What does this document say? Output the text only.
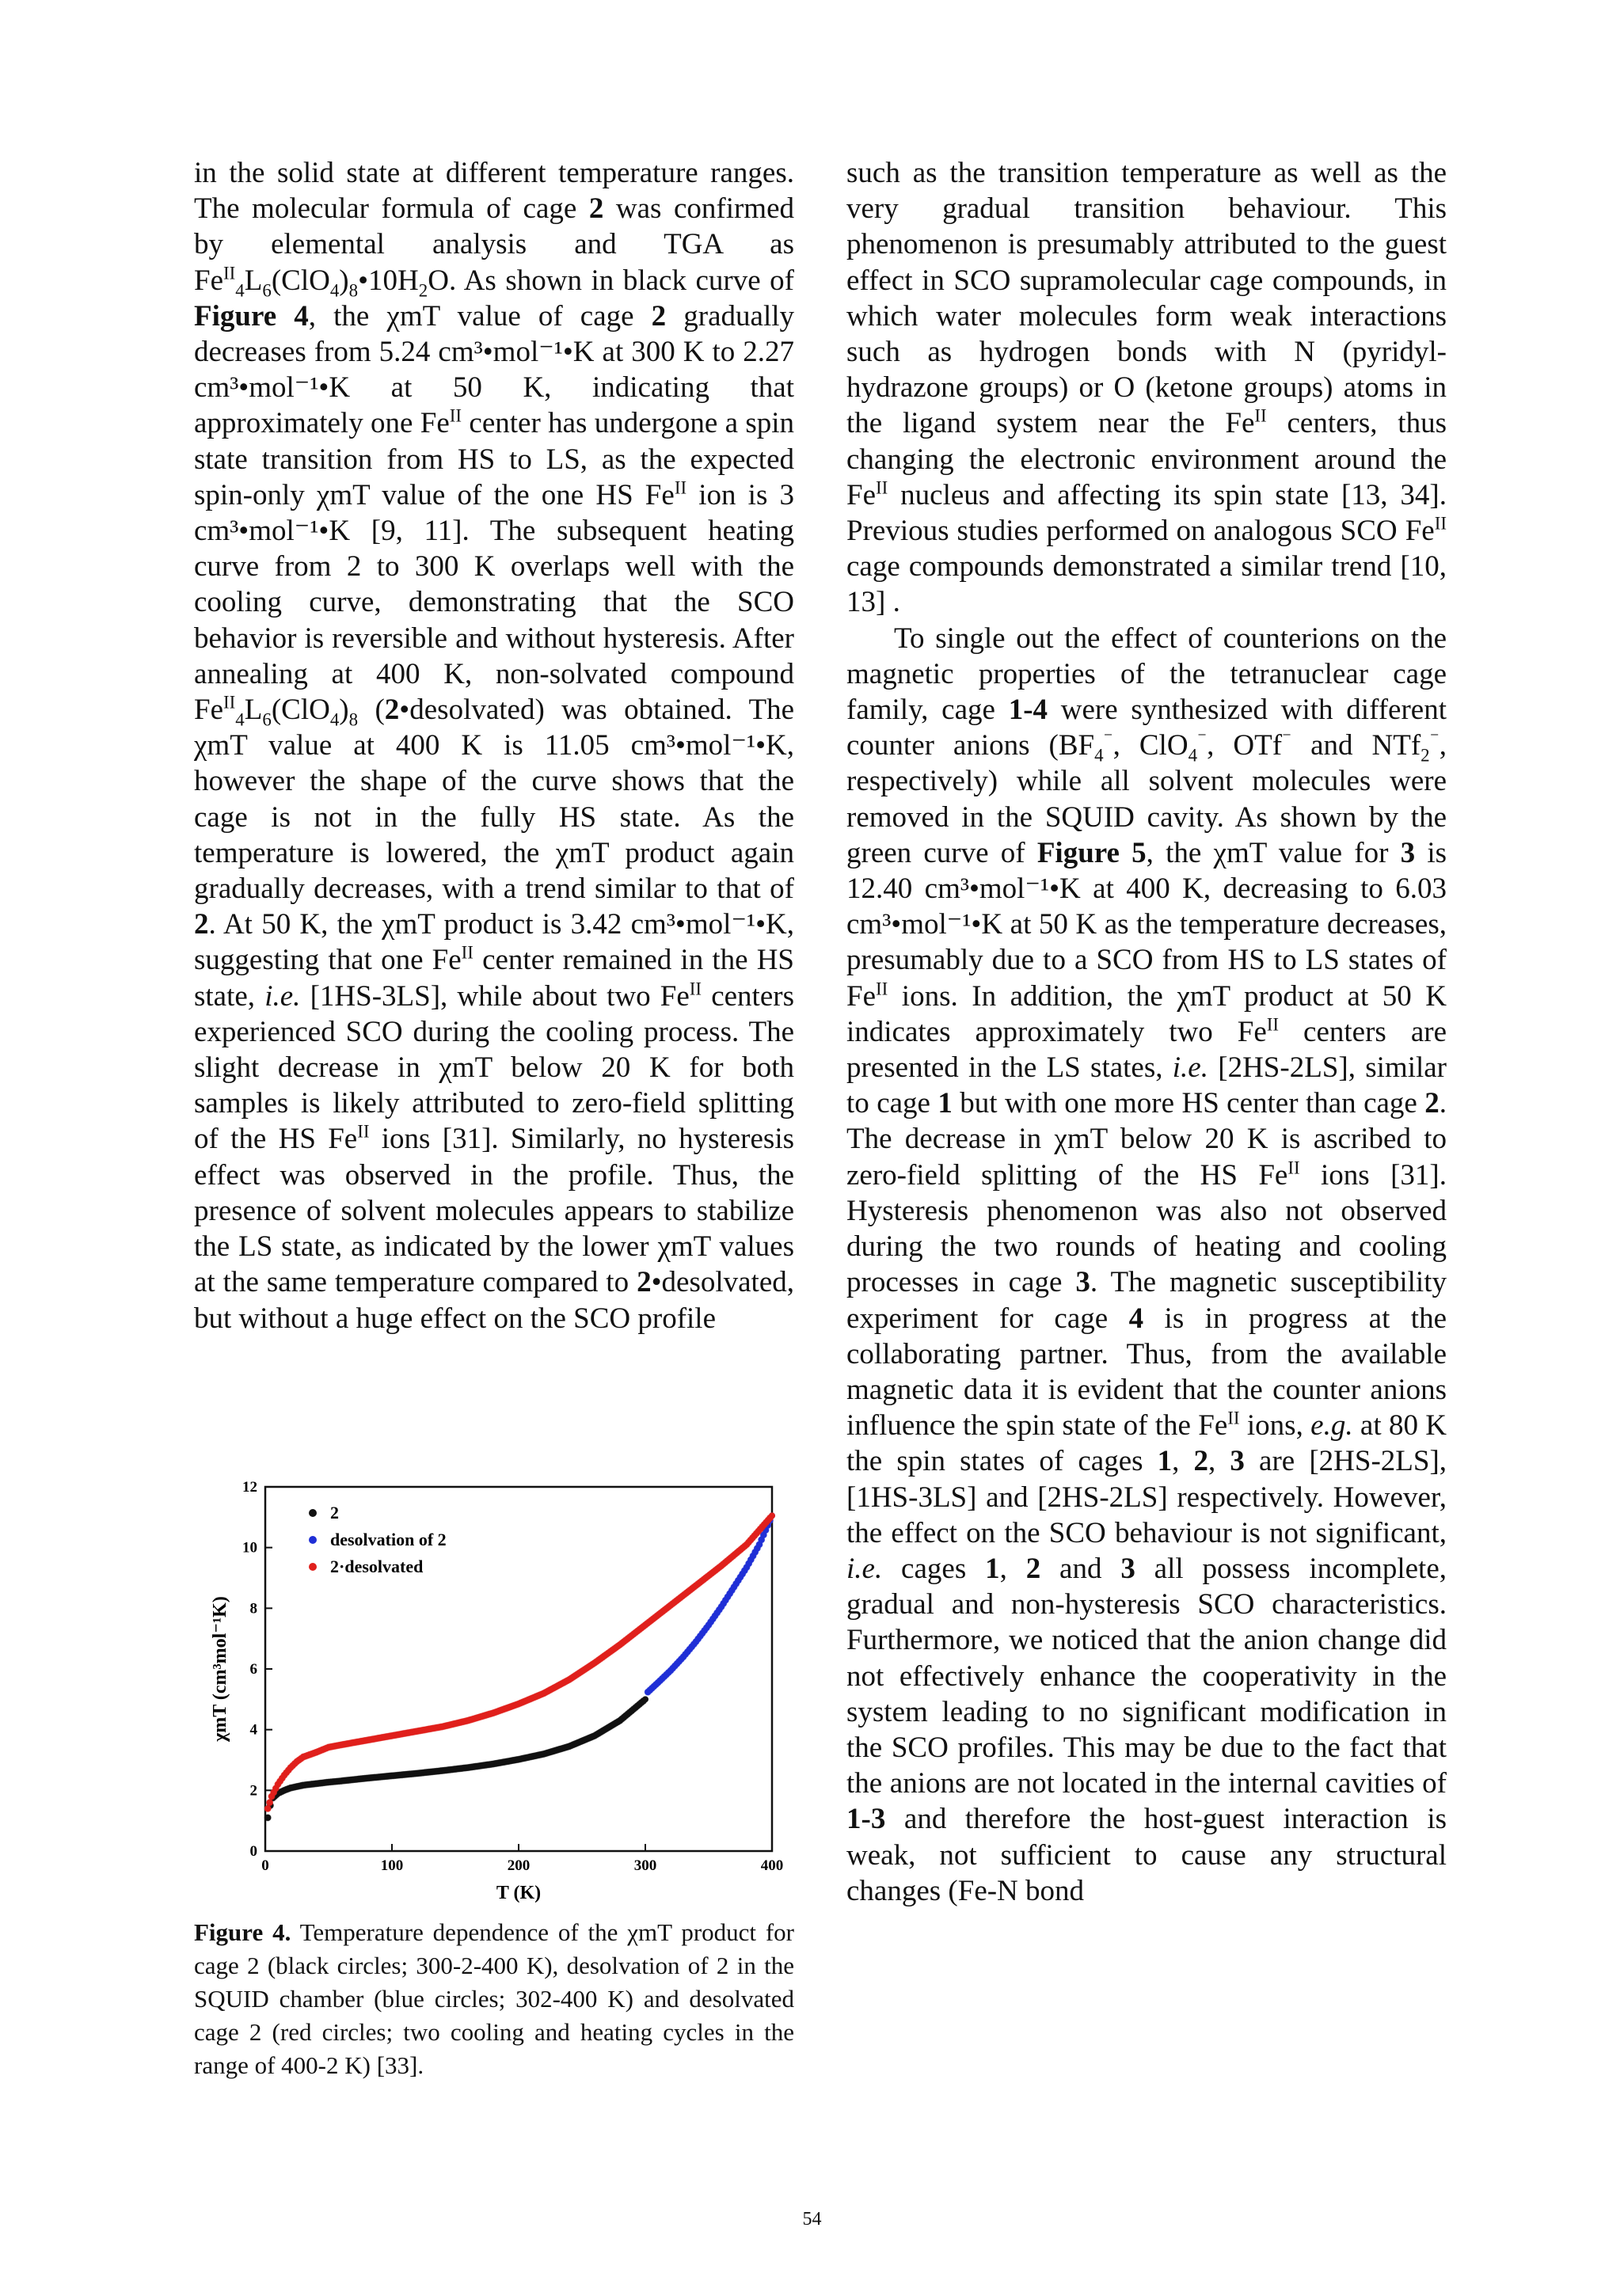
in the solid state at different temperature ranges. The molecular formula of cage 2 was confirmed by elemental analysis and TGA as $Fe^{II}_4L_6(ClO_4)_8•10H_2O$. As shown in black curve of Figure 4, the χmT value of cage 2 gradually decreases from 5.24 cm³•mol⁻¹•K at 300 K to 2.27 cm³•mol⁻¹•K at 50 K, indicating that approximately one $Fe^{II}$ center has undergone a spin state transition from HS to LS, as the expected spin-only χmT value of the one HS $Fe^{II}$ ion is 3 cm³•mol⁻¹•K [9, 11]. The subsequent heating curve from 2 to 300 K overlaps well with the cooling curve, demonstrating that the SCO behavior is reversible and without hysteresis. After annealing at 400 K, non-solvated compound $Fe^{II}_4L_6(ClO_4)_8$ (2•desolvated) was obtained. The χmT value at 400 K is 11.05 cm³•mol⁻¹•K, however the shape of the curve shows that the cage is not in the fully HS state. As the temperature is lowered, the χmT product again gradually decreases, with a trend similar to that of 2. At 50 K, the χmT product is 3.42 cm³•mol⁻¹•K, suggesting that one $Fe^{II}$ center remained in the HS state, i.e. [1HS-3LS], while about two $Fe^{II}$ centers experienced SCO during the cooling process. The slight decrease in χmT below 20 K for both samples is likely attributed to zero-field splitting of the HS $Fe^{II}$ ions [31]. Similarly, no hysteresis effect was observed in the profile. Thus, the presence of solvent molecules appears to stabilize the LS state, as indicated by the lower χmT values at the same temperature compared to 2•desolvated, but without a huge effect on the SCO profile

0	100	200	300	400
0
2
4
6
8
10
12
T (K)
χmT (cm³mol⁻¹K)
2
desolvation of 2
2·desolvated
Figure 4. Temperature dependence of the χmT product for cage 2 (black circles; 300-2-400 K), desolvation of 2 in the SQUID chamber (blue circles; 302-400 K) and desolvated cage 2 (red circles; two cooling and heating cycles in the range of 400-2 K) [33].

such as the transition temperature as well as the very gradual transition behaviour. This phenomenon is presumably attributed to the guest effect in SCO supramolecular cage compounds, in which water molecules form weak interactions such as hydrogen bonds with N (pyridyl-hydrazone groups) or O (ketone groups) atoms in the ligand system near the $Fe^{II}$ centers, thus changing the electronic environment around the $Fe^{II}$ nucleus and affecting its spin state [13, 34]. Previous studies performed on analogous SCO $Fe^{II}$ cage compounds demonstrated a similar trend [10, 13] .

To single out the effect of counterions on the magnetic properties of the tetranuclear cage family, cage 1-4 were synthesized with different counter anions ($BF_4^{^-}$, ClO$_4$⁻, OTf⁻ and NTf$_2$⁻, respectively) while all solvent molecules were removed in the SQUID cavity. As shown by the green curve of Figure 5, the χmT value for 3 is 12.40 cm³•mol⁻¹•K at 400 K, decreasing to 6.03 cm³•mol⁻¹•K at 50 K as the temperature decreases, presumably due to a SCO from HS to LS states of $Fe^{II}$ ions. In addition, the χmT product at 50 K indicates approximately two $Fe^{II}$ centers are presented in the LS states, i.e. [2HS-2LS], similar to cage 1 but with one more HS center than cage 2. The decrease in χmT below 20 K is ascribed to zero-field splitting of the HS $Fe^{II}$ ions [31]. Hysteresis phenomenon was also not observed during the two rounds of heating and cooling processes in cage 3. The magnetic susceptibility experiment for cage 4 is in progress at the collaborating partner. Thus, from the available magnetic data it is evident that the counter anions influence the spin state of the $Fe^{II}$ ions, e.g. at 80 K the spin states of cages 1, 2, 3 are [2HS-2LS], [1HS-3LS] and [2HS-2LS] respectively. However, the effect on the SCO behaviour is not significant, i.e. cages 1, 2 and 3 all possess incomplete, gradual and non-hysteresis SCO characteristics. Furthermore, we noticed that the anion change did not effectively enhance the cooperativity in the system leading to no significant modification in the SCO profiles. This may be due to the fact that the anions are not located in the internal cavities of 1-3 and therefore the host-guest interaction is weak, not sufficient to cause any structural changes (Fe-N bond

54
